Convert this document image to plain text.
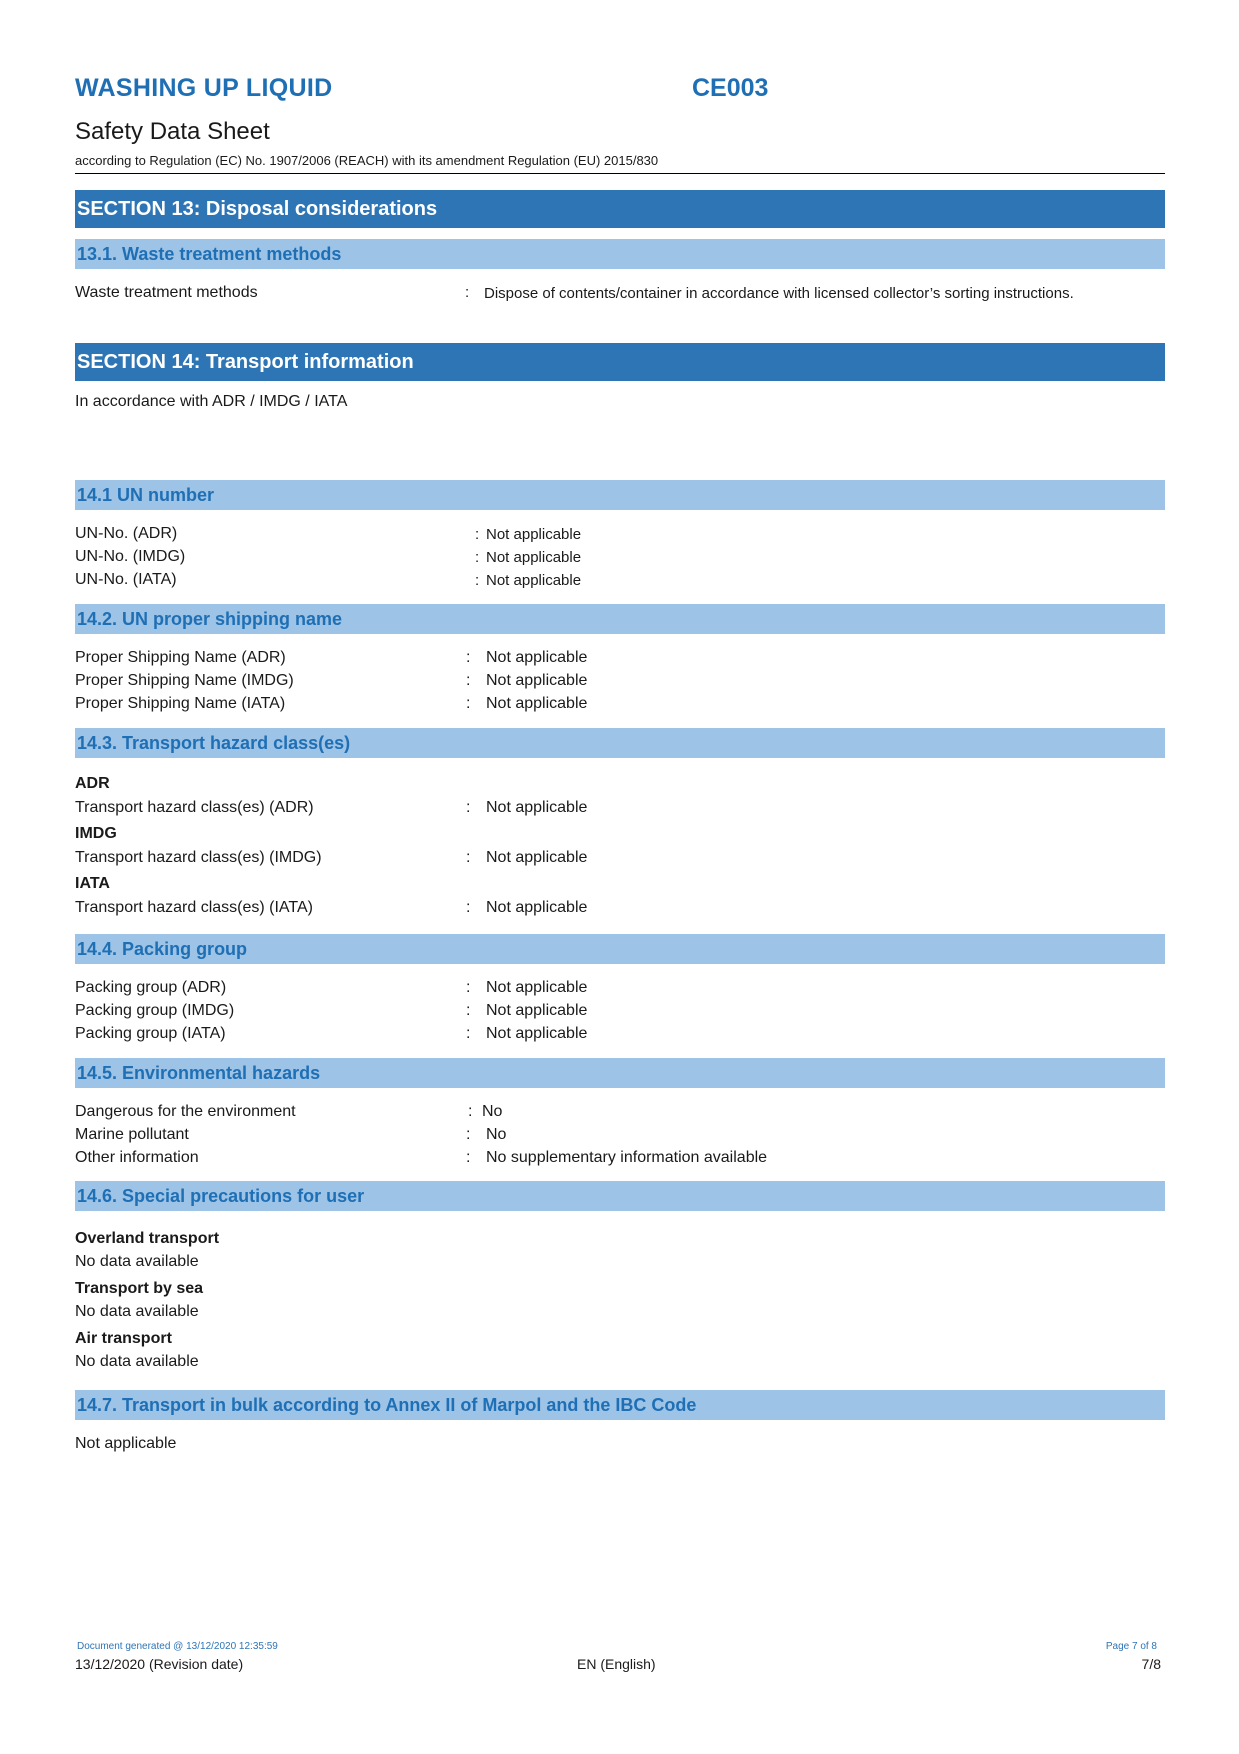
WASHING UP LIQUID	CE003
Safety Data Sheet
according to Regulation (EC) No. 1907/2006 (REACH) with its amendment Regulation (EU) 2015/830
SECTION 13: Disposal considerations
13.1. Waste treatment methods
Waste treatment methods	: Dispose of contents/container in accordance with licensed collector’s sorting instructions.
SECTION 14: Transport information
In accordance with ADR / IMDG / IATA
14.1 UN number
UN-No. (ADR)	: Not applicable
UN-No. (IMDG)	: Not applicable
UN-No. (IATA)	: Not applicable
14.2. UN proper shipping name
Proper Shipping Name (ADR)	: Not applicable
Proper Shipping Name (IMDG)	: Not applicable
Proper Shipping Name (IATA)	: Not applicable
14.3. Transport hazard class(es)
ADR
Transport hazard class(es) (ADR)	: Not applicable
IMDG
Transport hazard class(es) (IMDG)	: Not applicable
IATA
Transport hazard class(es) (IATA)	: Not applicable
14.4. Packing group
Packing group (ADR)	: Not applicable
Packing group (IMDG)	: Not applicable
Packing group (IATA)	: Not applicable
14.5. Environmental hazards
Dangerous for the environment	: No
Marine pollutant	: No
Other information	: No supplementary information available
14.6. Special precautions for user
Overland transport
No data available
Transport by sea
No data available
Air transport
No data available
14.7. Transport in bulk according to Annex II of Marpol and the IBC Code
Not applicable
Document generated @ 13/12/2020 12:35:59
13/12/2020 (Revision date)	EN (English)
Page 7 of 8
7/8
